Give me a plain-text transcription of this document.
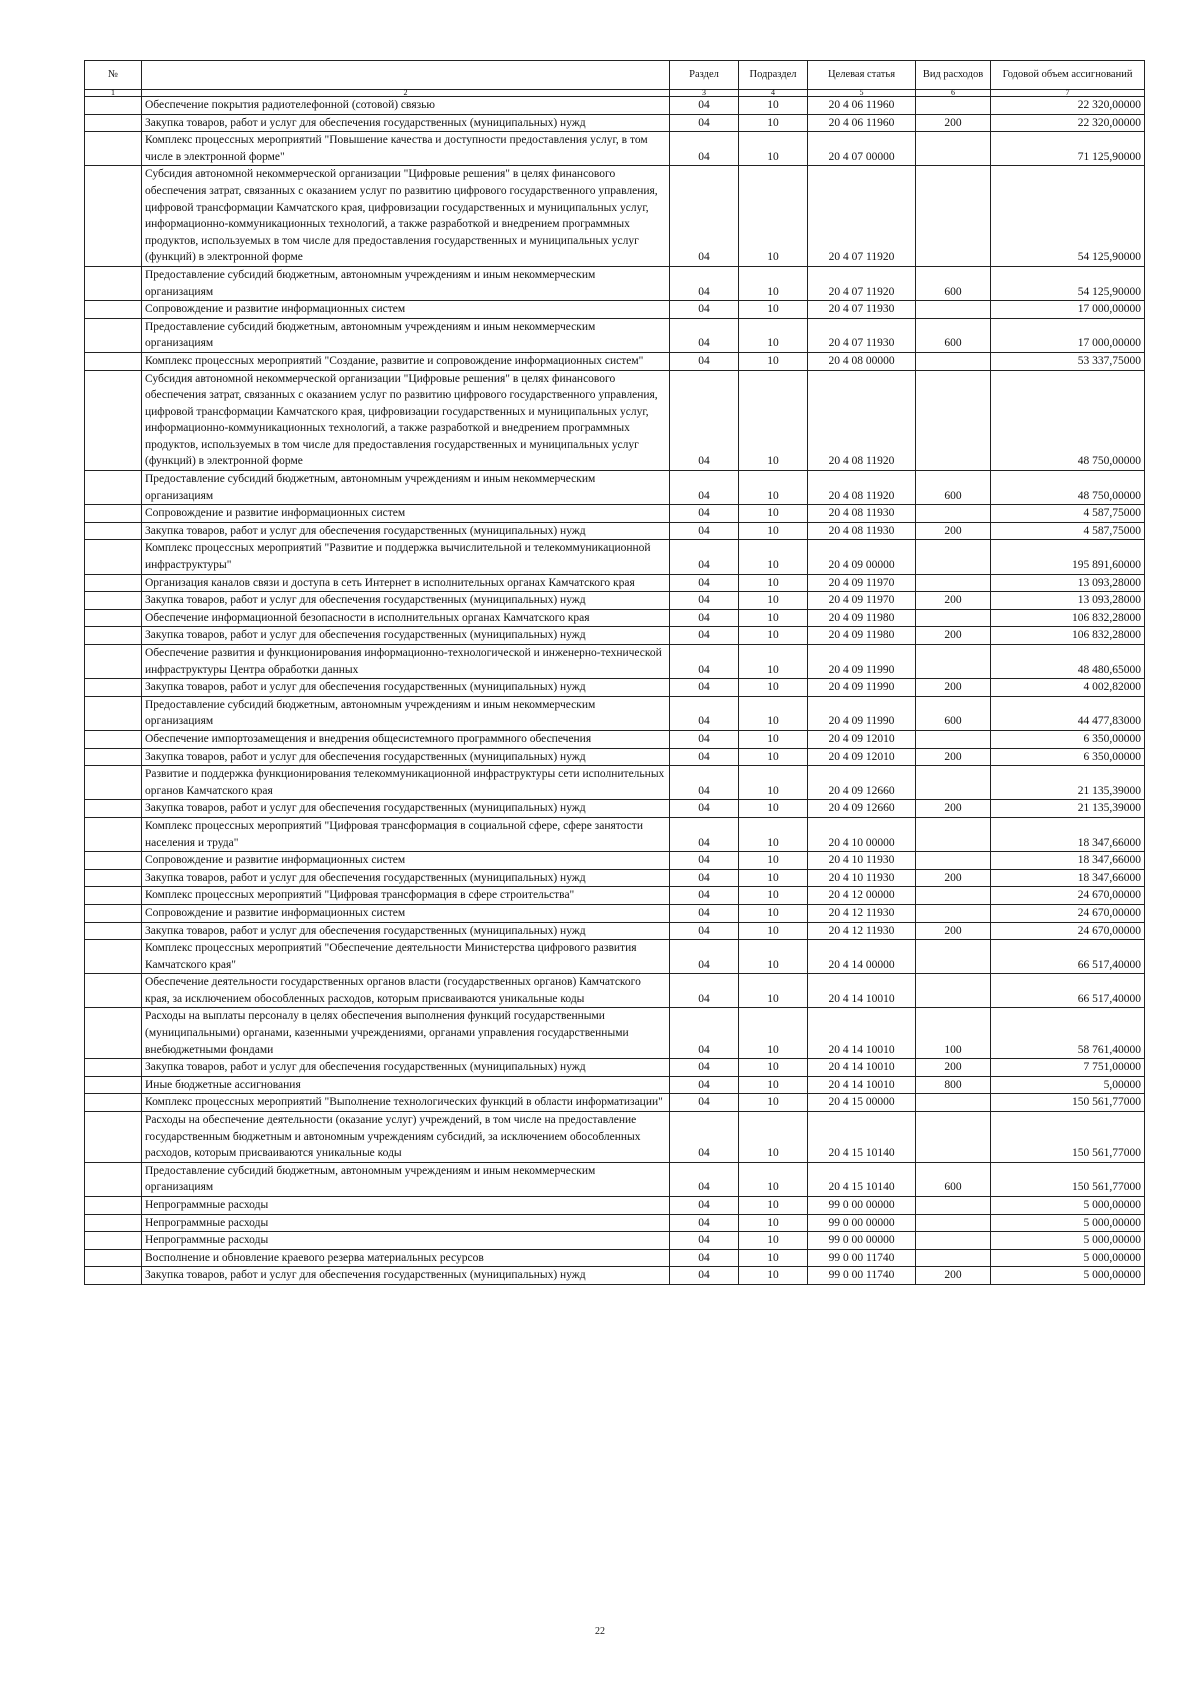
№		Раздел	Подраздел	Целевая статья	Вид расходов	Годовой объем ассигнований
1	2	3	4	5	6	7
	Обеспечение покрытия радиотелефонной (сотовой) связью	04	10	20 4 06 11960		22 320,00000
	Закупка товаров, работ и услуг для обеспечения государственных (муниципальных) нужд	04	10	20 4 06 11960	200	22 320,00000
	Комплекс процессных мероприятий "Повышение качества и доступности предоставления услуг, в том числе в электронной форме"	04	10	20 4 07 00000		71 125,90000
	Субсидия автономной некоммерческой организации "Цифровые решения" в целях финансового обеспечения затрат, связанных с оказанием услуг по развитию цифрового государственного управления, цифровой трансформации Камчатского края, цифровизации государственных и муниципальных услуг, информационно-коммуникационных технологий, а также разработкой и внедрением программных продуктов, используемых в том числе для предоставления государственных и муниципальных услуг (функций) в электронной форме	04	10	20 4 07 11920		54 125,90000
	Предоставление субсидий бюджетным, автономным учреждениям и иным некоммерческим организациям	04	10	20 4 07 11920	600	54 125,90000
	Сопровождение и развитие информационных систем	04	10	20 4 07 11930		17 000,00000
	Предоставление субсидий бюджетным, автономным учреждениям и иным некоммерческим организациям	04	10	20 4 07 11930	600	17 000,00000
	Комплекс процессных мероприятий "Создание, развитие и сопровождение информационных систем"	04	10	20 4 08 00000		53 337,75000
	Субсидия автономной некоммерческой организации "Цифровые решения" в целях финансового обеспечения затрат, связанных с оказанием услуг по развитию цифрового государственного управления, цифровой трансформации Камчатского края, цифровизации государственных и муниципальных услуг, информационно-коммуникационных технологий, а также разработкой и внедрением программных продуктов, используемых в том числе для предоставления государственных и муниципальных услуг (функций) в электронной форме	04	10	20 4 08 11920		48 750,00000
	Предоставление субсидий бюджетным, автономным учреждениям и иным некоммерческим организациям	04	10	20 4 08 11920	600	48 750,00000
	Сопровождение и развитие информационных систем	04	10	20 4 08 11930		4 587,75000
	Закупка товаров, работ и услуг для обеспечения государственных (муниципальных) нужд	04	10	20 4 08 11930	200	4 587,75000
	Комплекс процессных мероприятий "Развитие и поддержка вычислительной и телекоммуникационной инфраструктуры"	04	10	20 4 09 00000		195 891,60000
	Организация каналов связи и доступа в сеть Интернет в исполнительных органах Камчатского края	04	10	20 4 09 11970		13 093,28000
	Закупка товаров, работ и услуг для обеспечения государственных (муниципальных) нужд	04	10	20 4 09 11970	200	13 093,28000
	Обеспечение информационной безопасности в исполнительных органах Камчатского края	04	10	20 4 09 11980		106 832,28000
	Закупка товаров, работ и услуг для обеспечения государственных (муниципальных) нужд	04	10	20 4 09 11980	200	106 832,28000
	Обеспечение развития и функционирования информационно-технологической и инженерно-технической инфраструктуры Центра обработки данных	04	10	20 4 09 11990		48 480,65000
	Закупка товаров, работ и услуг для обеспечения государственных (муниципальных) нужд	04	10	20 4 09 11990	200	4 002,82000
	Предоставление субсидий бюджетным, автономным учреждениям и иным некоммерческим организациям	04	10	20 4 09 11990	600	44 477,83000
	Обеспечение импортозамещения и внедрения общесистемного программного обеспечения	04	10	20 4 09 12010		6 350,00000
	Закупка товаров, работ и услуг для обеспечения государственных (муниципальных) нужд	04	10	20 4 09 12010	200	6 350,00000
	Развитие и поддержка функционирования телекоммуникационной инфраструктуры сети исполнительных органов Камчатского края	04	10	20 4 09 12660		21 135,39000
	Закупка товаров, работ и услуг для обеспечения государственных (муниципальных) нужд	04	10	20 4 09 12660	200	21 135,39000
	Комплекс процессных мероприятий "Цифровая трансформация в социальной сфере, сфере занятости населения и труда"	04	10	20 4 10 00000		18 347,66000
	Сопровождение и развитие информационных систем	04	10	20 4 10 11930		18 347,66000
	Закупка товаров, работ и услуг для обеспечения государственных (муниципальных) нужд	04	10	20 4 10 11930	200	18 347,66000
	Комплекс процессных мероприятий "Цифровая трансформация в сфере строительства"	04	10	20 4 12 00000		24 670,00000
	Сопровождение и развитие информационных систем	04	10	20 4 12 11930		24 670,00000
	Закупка товаров, работ и услуг для обеспечения государственных (муниципальных) нужд	04	10	20 4 12 11930	200	24 670,00000
	Комплекс процессных мероприятий "Обеспечение деятельности Министерства цифрового развития Камчатского края"	04	10	20 4 14 00000		66 517,40000
	Обеспечение деятельности государственных органов власти (государственных органов) Камчатского края, за исключением обособленных расходов, которым присваиваются уникальные коды	04	10	20 4 14 10010		66 517,40000
	Расходы на выплаты персоналу в целях обеспечения выполнения функций государственными (муниципальными) органами, казенными учреждениями, органами управления государственными внебюджетными фондами	04	10	20 4 14 10010	100	58 761,40000
	Закупка товаров, работ и услуг для обеспечения государственных (муниципальных) нужд	04	10	20 4 14 10010	200	7 751,00000
	Иные бюджетные ассигнования	04	10	20 4 14 10010	800	5,00000
	Комплекс процессных мероприятий "Выполнение технологических функций в области информатизации"	04	10	20 4 15 00000		150 561,77000
	Расходы на обеспечение деятельности (оказание услуг) учреждений, в том числе на предоставление государственным бюджетным и автономным учреждениям субсидий, за исключением обособленных расходов, которым присваиваются уникальные коды	04	10	20 4 15 10140		150 561,77000
	Предоставление субсидий бюджетным, автономным учреждениям и иным некоммерческим организациям	04	10	20 4 15 10140	600	150 561,77000
	Непрограммные расходы	04	10	99 0 00 00000		5 000,00000
	Непрограммные расходы	04	10	99 0 00 00000		5 000,00000
	Непрограммные расходы	04	10	99 0 00 00000		5 000,00000
	Восполнение и обновление краевого резерва материальных ресурсов	04	10	99 0 00 11740		5 000,00000
	Закупка товаров, работ и услуг для обеспечения государственных (муниципальных) нужд	04	10	99 0 00 11740	200	5 000,00000
22
